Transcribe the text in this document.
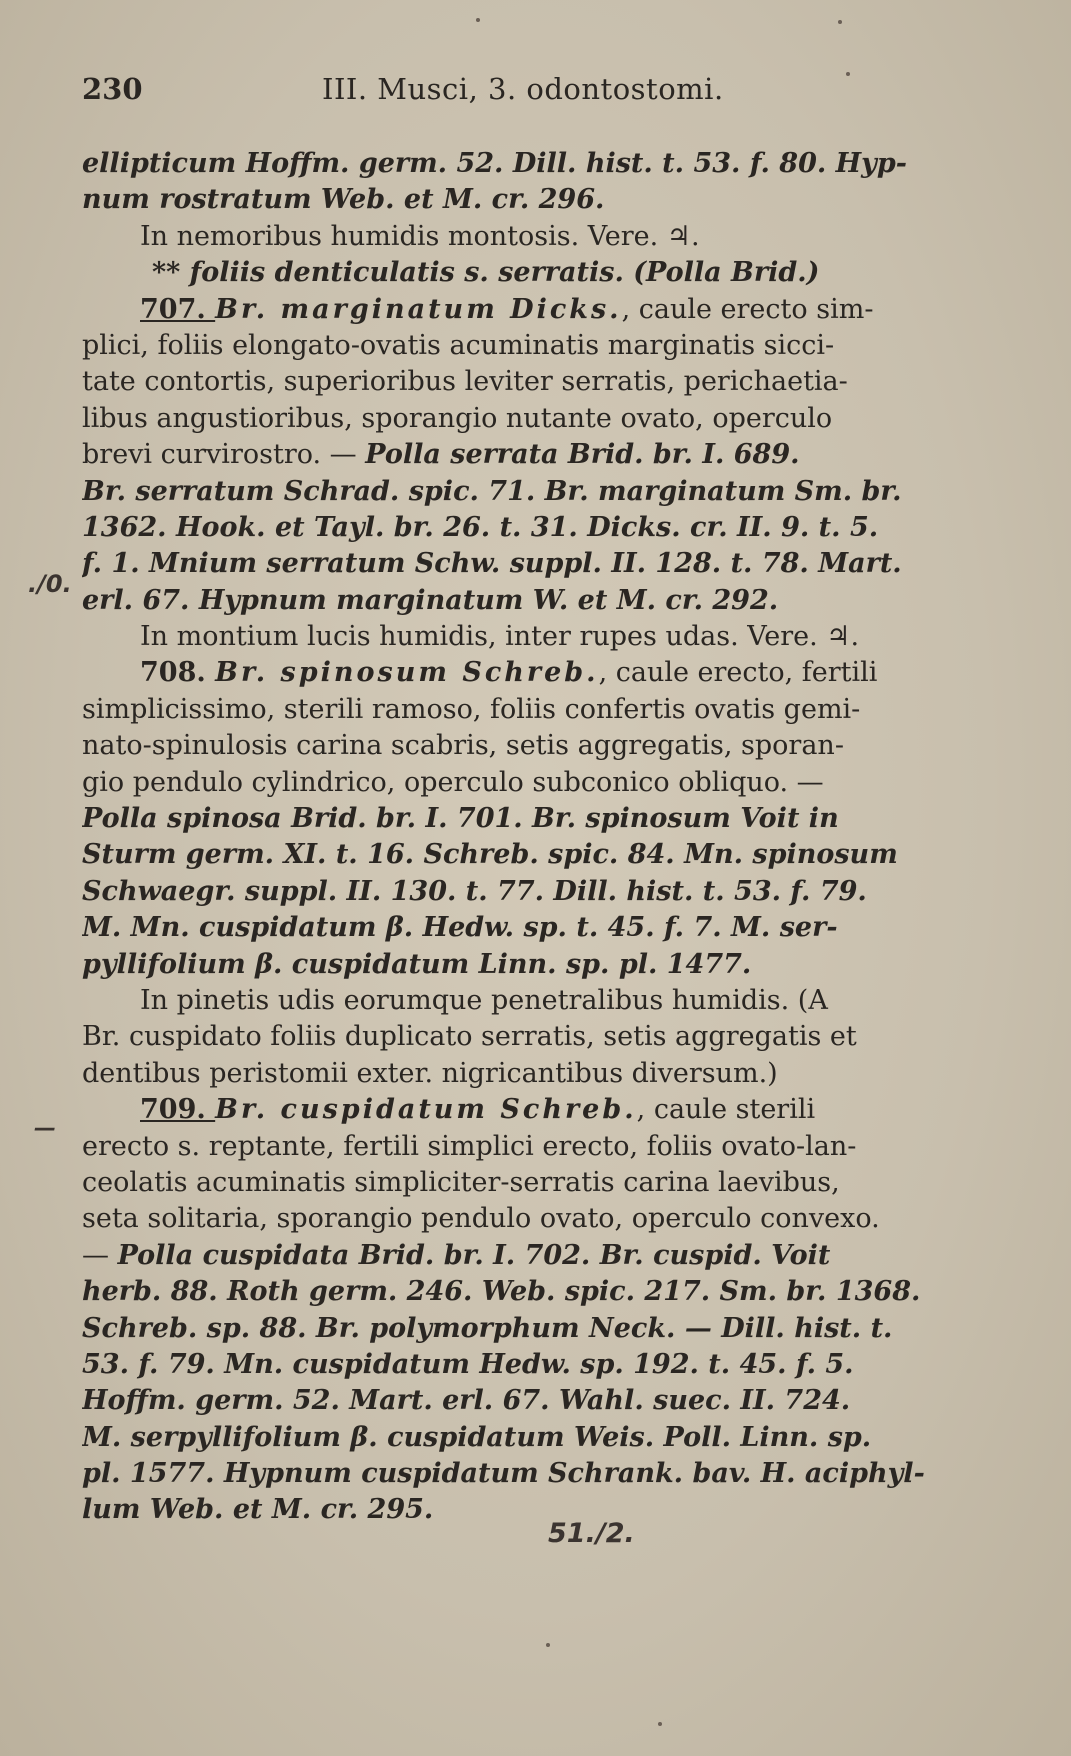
230	III. Musci, 3. odontostomi.
ellipticum Hoffm. germ. 52. Dill. hist. t. 53. f. 80. Hyp-
num rostratum Web. et M. cr. 296.
In nemoribus humidis montosis. Vere. ♃.
** foliis denticulatis s. serratis. (Polla Brid.)
707. Br. marginatum Dicks., caule erecto sim-
plici, foliis elongato-ovatis acuminatis marginatis sicci-
tate contortis, superioribus leviter serratis, perichaetia-
libus angustioribus, sporangio nutante ovato, operculo
brevi curvirostro. — Polla serrata Brid. br. I. 689.
Br. serratum Schrad. spic. 71. Br. marginatum Sm. br.
1362. Hook. et Tayl. br. 26. t. 31. Dicks. cr. II. 9. t. 5.
f. 1. Mnium serratum Schw. suppl. II. 128. t. 78. Mart.
erl. 67. Hypnum marginatum W. et M. cr. 292.
In montium lucis humidis, inter rupes udas. Vere. ♃.
708. Br. spinosum Schreb., caule erecto, fertili
simplicissimo, sterili ramoso, foliis confertis ovatis gemi-
nato-spinulosis carina scabris, setis aggregatis, sporan-
gio pendulo cylindrico, operculo subconico obliquo. —
Polla spinosa Brid. br. I. 701. Br. spinosum Voit in
Sturm germ. XI. t. 16. Schreb. spic. 84. Mn. spinosum
Schwaegr. suppl. II. 130. t. 77. Dill. hist. t. 53. f. 79.
M. Mn. cuspidatum β. Hedw. sp. t. 45. f. 7. M. ser-
pyllifolium β. cuspidatum Linn. sp. pl. 1477.
In pinetis udis eorumque penetralibus humidis. (A
Br. cuspidato foliis duplicato serratis, setis aggregatis et
dentibus peristomii exter. nigricantibus diversum.)
709. Br. cuspidatum Schreb., caule sterili
erecto s. reptante, fertili simplici erecto, foliis ovato-lan-
ceolatis acuminatis simpliciter-serratis carina laevibus,
seta solitaria, sporangio pendulo ovato, operculo convexo.
— Polla cuspidata Brid. br. I. 702. Br. cuspid. Voit
herb. 88. Roth germ. 246. Web. spic. 217. Sm. br. 1368.
Schreb. sp. 88. Br. polymorphum Neck. — Dill. hist. t.
53. f. 79. Mn. cuspidatum Hedw. sp. 192. t. 45. f. 5.
Hoffm. germ. 52. Mart. erl. 67. Wahl. suec. II. 724.
M. serpyllifolium β. cuspidatum Weis. Poll. Linn. sp.
pl. 1577. Hypnum cuspidatum Schrank. bav. H. aciphyl-
lum Web. et M. cr. 295.
./0.
—
51./2.
